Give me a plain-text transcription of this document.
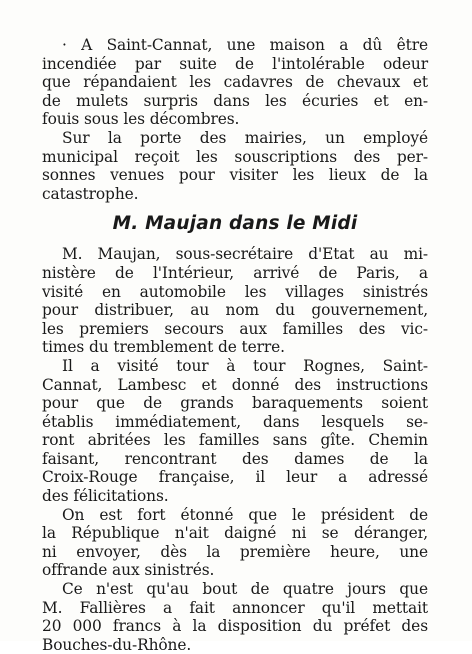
· A Saint-Cannat, une maison a dû être
incendiée par suite de l'intolérable odeur
que répandaient les cadavres de chevaux et
de mulets surpris dans les écuries et en-
fouis sous les décombres.

Sur la porte des mairies, un employé
municipal reçoit les souscriptions des per-
sonnes venues pour visiter les lieux de la
catastrophe.

M. Maujan dans le Midi

M. Maujan, sous-secrétaire d'Etat au mi-
nistère de l'Intérieur, arrivé de Paris, a
visité en automobile les villages sinistrés
pour distribuer, au nom du gouvernement,
les premiers secours aux familles des vic-
times du tremblement de terre.

Il a visité tour à tour Rognes, Saint-
Cannat, Lambesc et donné des instructions
pour que de grands baraquements soient
établis immédiatement, dans lesquels se-
ront abritées les familles sans gîte. Chemin
faisant, rencontrant des dames de la
Croix-Rouge française, il leur a adressé
des félicitations.

On est fort étonné que le président de
la République n'ait daigné ni se déranger,
ni envoyer, dès la première heure, une
offrande aux sinistrés.

Ce n'est qu'au bout de quatre jours que
M. Fallières a fait annoncer qu'il mettait
20 000 francs à la disposition du préfet des
Bouches-du-Rhône.
